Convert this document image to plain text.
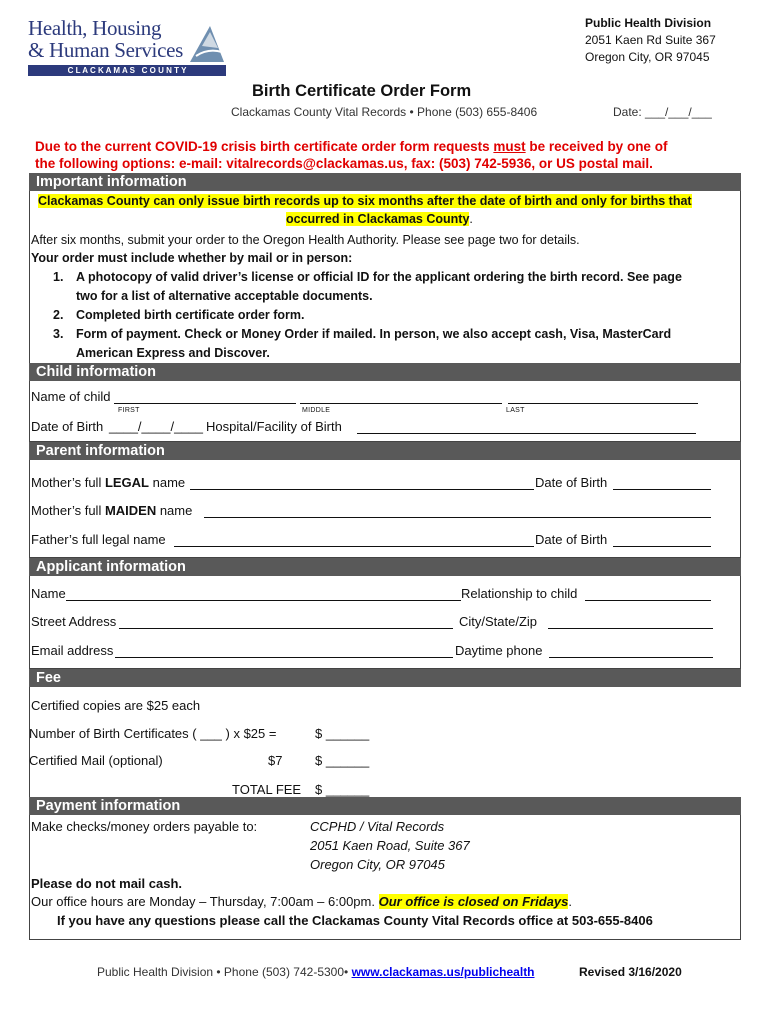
Health, Housing
& Human Services
C L A C K A M A S   C O U N T Y
Public Health Division
2051 Kaen Rd Suite 367
Oregon City, OR 97045
Birth Certificate Order Form
Clackamas County Vital Records • Phone (503) 655-8406	Date: ___/___/___
Due to the current COVID-19 crisis birth certificate order form requests must be received by one of
the following options: e-mail: vitalrecords@clackamas.us, fax: (503) 742-5936, or US postal mail.
Important information
Clackamas County can only issue birth records up to six months after the date of birth and only for births that
occurred in Clackamas County.
After six months, submit your order to the Oregon Health Authority. Please see page two for details.
Your order must include whether by mail or in person:
1. A photocopy of valid driver’s license or official ID for the applicant ordering the birth record. See page
two for a list of alternative acceptable documents.
2. Completed birth certificate order form.
3. Form of payment. Check or Money Order if mailed. In person, we also accept cash, Visa, MasterCard
American Express and Discover.
Child information
Name of child
FIRST	MIDDLE	LAST
Date of Birth ____/____/____ Hospital/Facility of Birth
Parent information
Mother’s full LEGAL name	Date of Birth
Mother’s full MAIDEN name
Father’s full legal name	Date of Birth
Applicant information
Name	Relationship to child
Street Address	City/State/Zip
Email address	Daytime phone
Fee
Certified copies are $25 each
Number of Birth Certificates ( ___ ) x $25 =	$ ______
Certified Mail (optional)	$7	$ ______
TOTAL FEE $ ______
Payment information
Make checks/money orders payable to:	CCPHD / Vital Records
2051 Kaen Road, Suite 367
Oregon City, OR 97045
Please do not mail cash.
Our office hours are Monday – Thursday, 7:00am – 6:00pm. Our office is closed on Fridays.
If you have any questions please call the Clackamas County Vital Records office at 503-655-8406
Public Health Division • Phone (503) 742-5300• www.clackamas.us/publichealth	Revised 3/16/2020
